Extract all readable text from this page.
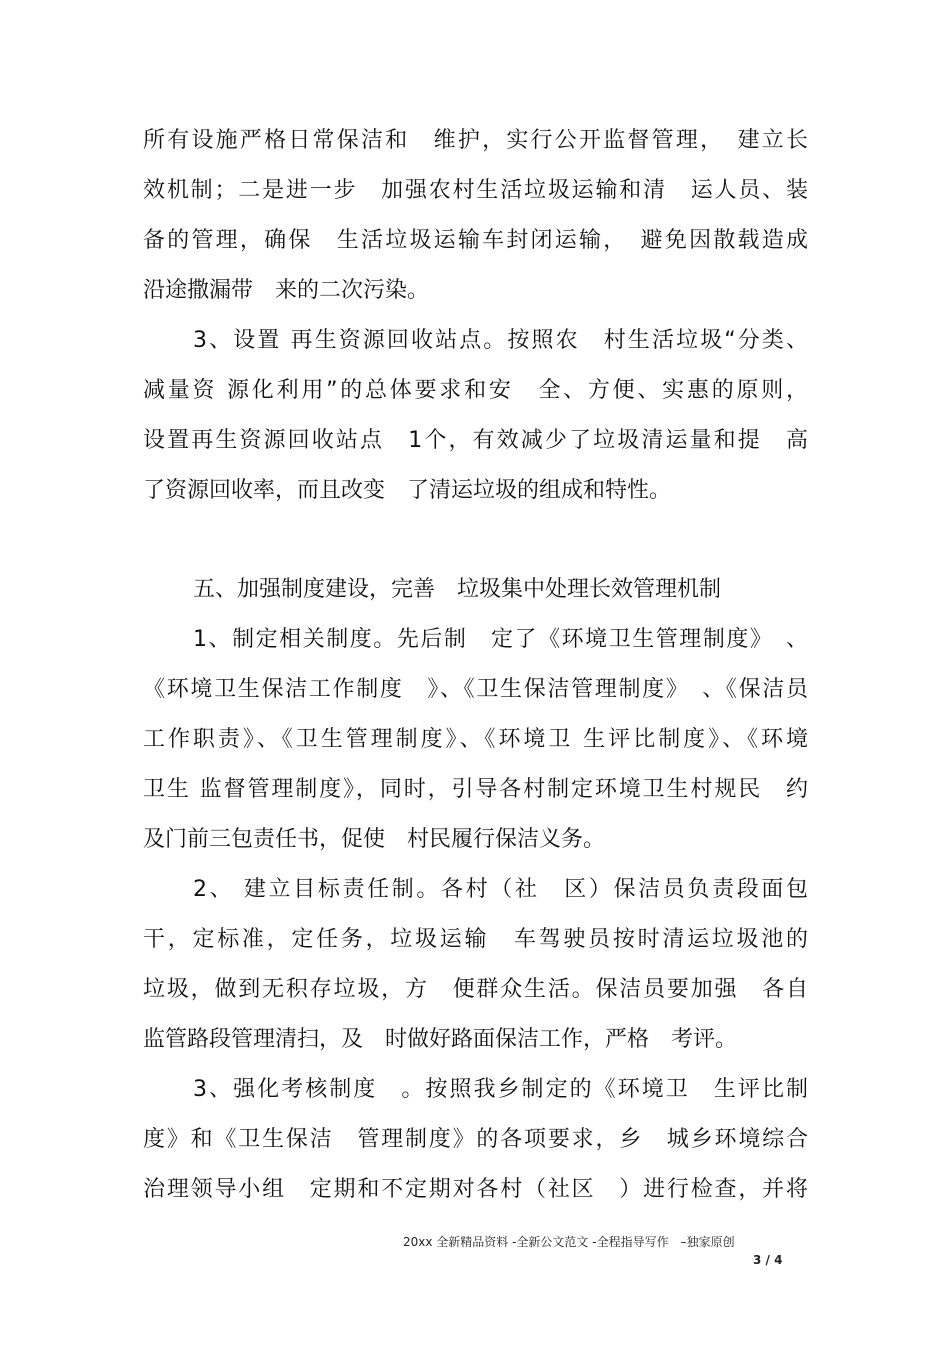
所有设施严格日常保洁和　维护，实行公开监督管理，　建立长
效机制；二是进一步　加强农村生活垃圾运输和清　运人员、装
备的管理，确保　生活垃圾运输车封闭运输，　避免因散载造成
沿途撒漏带　来的二次污染。
3、设置 再生资源回收站点。按照农　村生活垃圾“分类、
减量资 源化利用”的总体要求和安　全、方便、实惠的原则，
设置再生资源回收站点　1个，有效减少了垃圾清运量和提　高
了资源回收率，而且改变　了清运垃圾的组成和特性。
五、加强制度建设，完善　垃圾集中处理长效管理机制
1、制定相关制度。先后制　定了《环境卫生管理制度》　、
《环境卫生保洁工作制度　》、《卫生保洁管理制度》　、《保洁员
工作职责》、《卫生管理制度》、《环境卫 生评比制度》、《环境
卫生 监督管理制度》，同时，引导各村制定环境卫生村规民　约
及门前三包责任书，促使　村民履行保洁义务。
2、 建立目标责任制。各村（社　区）保洁员负责段面包
干，定标准，定任务，垃圾运输　车驾驶员按时清运垃圾池的
垃圾，做到无积存垃圾，方　便群众生活。保洁员要加强　各自
监管路段管理清扫，及　时做好路面保洁工作，严格　考评。
3、强化考核制度　。按照我乡制定的《环境卫　生评比制
度》和《卫生保洁　管理制度》的各项要求，乡　城乡环境综合
治理领导小组　定期和不定期对各村（社区　）进行检查，并将
20xx 全新精品资料 -全新公文范文 -全程指导写作　–独家原创
3 / 4
